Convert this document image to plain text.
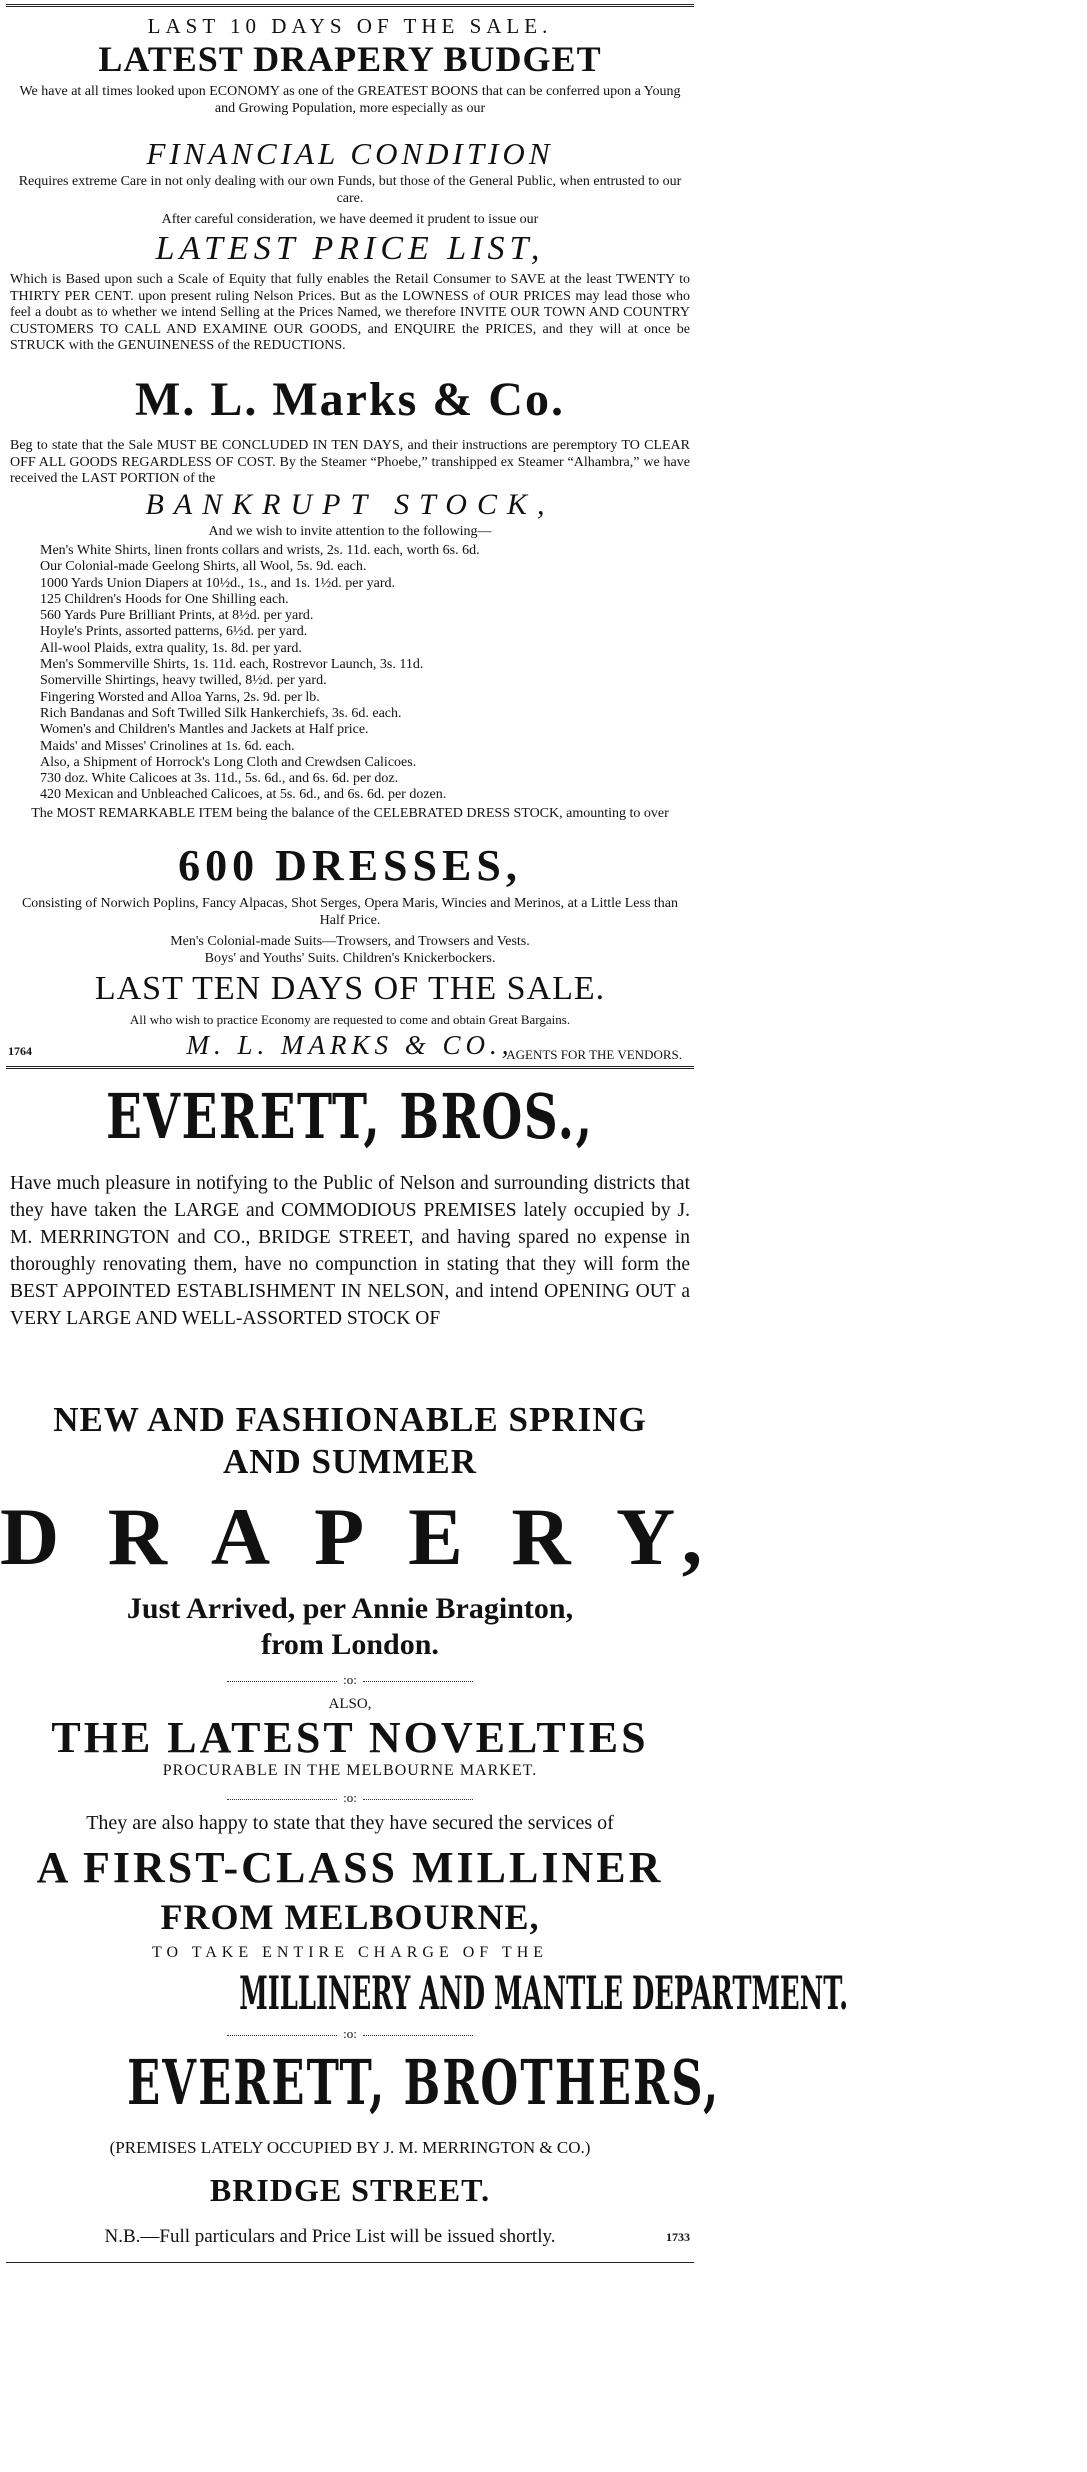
LAST 10 DAYS OF THE SALE.
LATEST DRAPERY BUDGET
We have at all times looked upon ECONOMY as one of the GREATEST BOONS that can be conferred upon a Young and Growing Population, more especially as our
FINANCIAL CONDITION
Requires extreme Care in not only dealing with our own Funds, but those of the General Public, when entrusted to our care.
After careful consideration, we have deemed it prudent to issue our
LATEST PRICE LIST,
Which is Based upon such a Scale of Equity that fully enables the Retail Consumer to SAVE at the least TWENTY to THIRTY PER CENT. upon present ruling Nelson Prices. But as the LOWNESS of OUR PRICES may lead those who feel a doubt as to whether we intend Selling at the Prices Named, we therefore INVITE OUR TOWN AND COUNTRY CUSTOMERS TO CALL AND EXAMINE OUR GOODS, and ENQUIRE the PRICES, and they will at once be STRUCK with the GENUINENESS of the REDUCTIONS.
M. L. Marks & Co.
Beg to state that the Sale MUST BE CONCLUDED IN TEN DAYS, and their instructions are peremptory TO CLEAR OFF ALL GOODS REGARDLESS OF COST. By the Steamer “Phoebe,” transhipped ex Steamer “Alhambra,” we have received the LAST PORTION of the
BANKRUPT STOCK,
And we wish to invite attention to the following—
Men's White Shirts, linen fronts collars and wrists, 2s. 11d. each, worth 6s. 6d.
Our Colonial-made Geelong Shirts, all Wool, 5s. 9d. each.
1000 Yards Union Diapers at 10½d., 1s., and 1s. 1½d. per yard.
125 Children's Hoods for One Shilling each.
560 Yards Pure Brilliant Prints, at 8½d. per yard.
Hoyle's Prints, assorted patterns, 6½d. per yard.
All-wool Plaids, extra quality, 1s. 8d. per yard.
Men's Sommerville Shirts, 1s. 11d. each, Rostrevor Launch, 3s. 11d.
Somerville Shirtings, heavy twilled, 8½d. per yard.
Fingering Worsted and Alloa Yarns, 2s. 9d. per lb.
Rich Bandanas and Soft Twilled Silk Hankerchiefs, 3s. 6d. each.
Women's and Children's Mantles and Jackets at Half price.
Maids' and Misses' Crinolines at 1s. 6d. each.
Also, a Shipment of Horrock's Long Cloth and Crewdsen Calicoes.
730 doz. White Calicoes at 3s. 11d., 5s. 6d., and 6s. 6d. per doz.
420 Mexican and Unbleached Calicoes, at 5s. 6d., and 6s. 6d. per dozen.
The MOST REMARKABLE ITEM being the balance of the CELEBRATED DRESS STOCK, amounting to over
600 DRESSES,
Consisting of Norwich Poplins, Fancy Alpacas, Shot Serges, Opera Maris, Wincies and Merinos, at a Little Less than Half Price.
Men's Colonial-made Suits—Trowsers, and Trowsers and Vests.
Boys' and Youths' Suits. Children's Knickerbockers.
LAST TEN DAYS OF THE SALE.
All who wish to practice Economy are requested to come and obtain Great Bargains.
1764	M. L. MARKS & CO.,
AGENTS FOR THE VENDORS.
EVERETT, BROS.,
Have much pleasure in notifying to the Public of Nelson and surrounding districts that they have taken the LARGE and COMMODIOUS PREMISES lately occupied by J. M. MERRINGTON and CO., BRIDGE STREET, and having spared no expense in thoroughly renovating them, have no compunction in stating that they will form the BEST APPOINTED ESTABLISHMENT IN NELSON, and intend OPENING OUT a VERY LARGE AND WELL-ASSORTED STOCK OF
NEW AND FASHIONABLE SPRING
AND SUMMER
D R A P E R Y,
Just Arrived, per Annie Braginton,
from London.
:o:
ALSO,
THE LATEST NOVELTIES
PROCURABLE IN THE MELBOURNE MARKET.
:o:
They are also happy to state that they have secured the services of
A FIRST-CLASS MILLINER
FROM MELBOURNE,
TO TAKE ENTIRE CHARGE OF THE
MILLINERY AND MANTLE DEPARTMENT.
:o:
EVERETT, BROTHERS,
(PREMISES LATELY OCCUPIED BY J. M. MERRINGTON & CO.)
BRIDGE STREET.
N.B.—Full particulars and Price List will be issued shortly.	1733
